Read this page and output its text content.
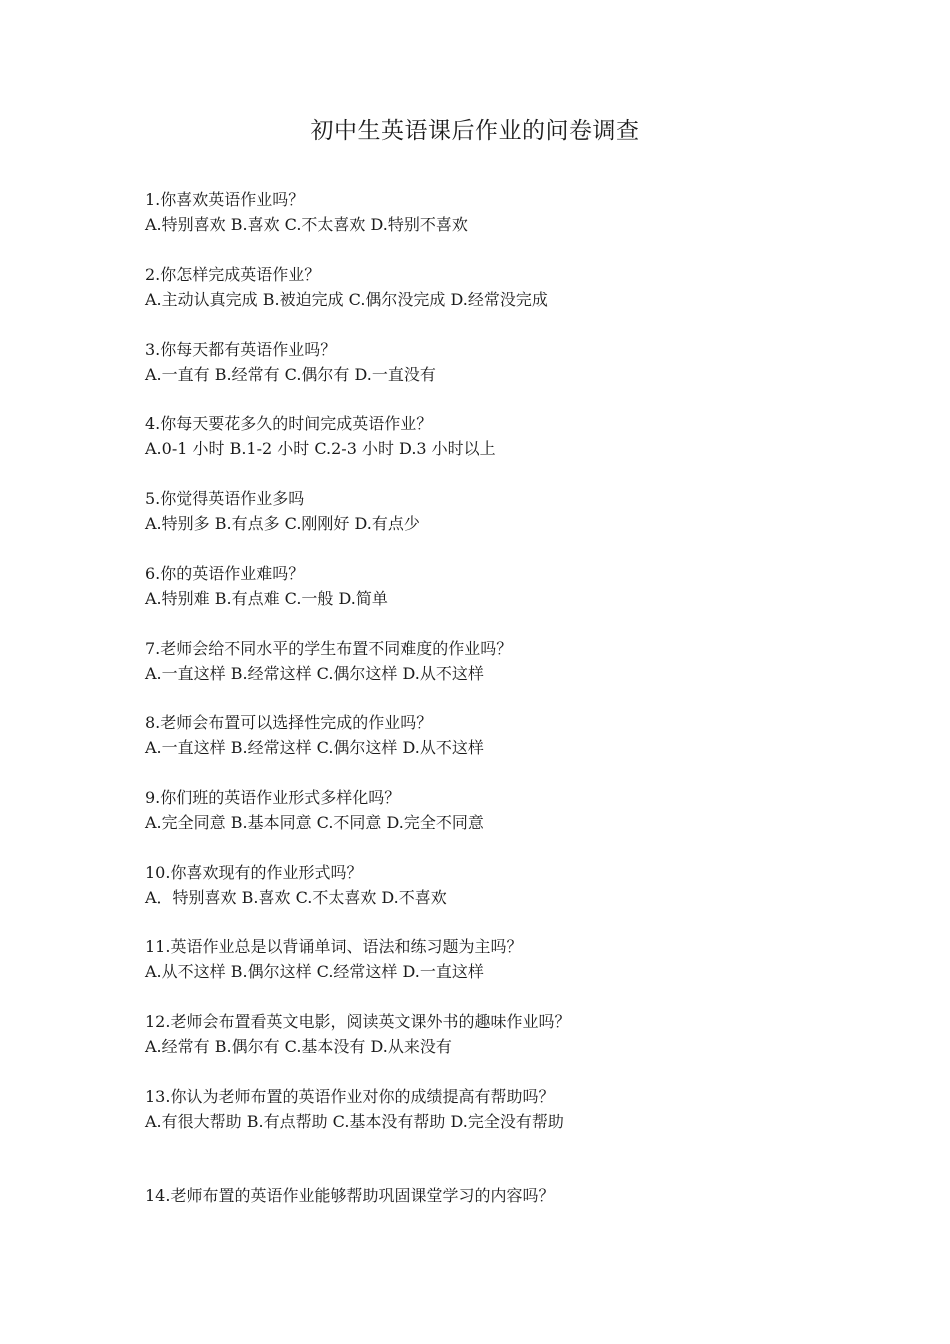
初中生英语课后作业的问卷调查
1.你喜欢英语作业吗？
A.特别喜欢 B.喜欢 C.不太喜欢 D.特别不喜欢
2.你怎样完成英语作业？
A.主动认真完成 B.被迫完成 C.偶尔没完成 D.经常没完成
3.你每天都有英语作业吗？
A.一直有 B.经常有 C.偶尔有 D.一直没有
4.你每天要花多久的时间完成英语作业？
A.0-1 小时 B.1-2 小时 C.2-3 小时 D.3 小时以上
5.你觉得英语作业多吗
A.特别多 B.有点多 C.刚刚好 D.有点少
6.你的英语作业难吗？
A.特别难 B.有点难 C.一般 D.简单
7.老师会给不同水平的学生布置不同难度的作业吗？
A.一直这样 B.经常这样 C.偶尔这样 D.从不这样
8.老师会布置可以选择性完成的作业吗？
A.一直这样 B.经常这样 C.偶尔这样 D.从不这样
9.你们班的英语作业形式多样化吗？
A.完全同意 B.基本同意 C.不同意 D.完全不同意
10.你喜欢现有的作业形式吗？
A．特别喜欢 B.喜欢 C.不太喜欢 D.不喜欢
11.英语作业总是以背诵单词、语法和练习题为主吗？
A.从不这样 B.偶尔这样 C.经常这样 D.一直这样
12.老师会布置看英文电影，阅读英文课外书的趣味作业吗？
A.经常有 B.偶尔有 C.基本没有 D.从来没有
13.你认为老师布置的英语作业对你的成绩提高有帮助吗？
A.有很大帮助 B.有点帮助 C.基本没有帮助 D.完全没有帮助
14.老师布置的英语作业能够帮助巩固课堂学习的内容吗？
